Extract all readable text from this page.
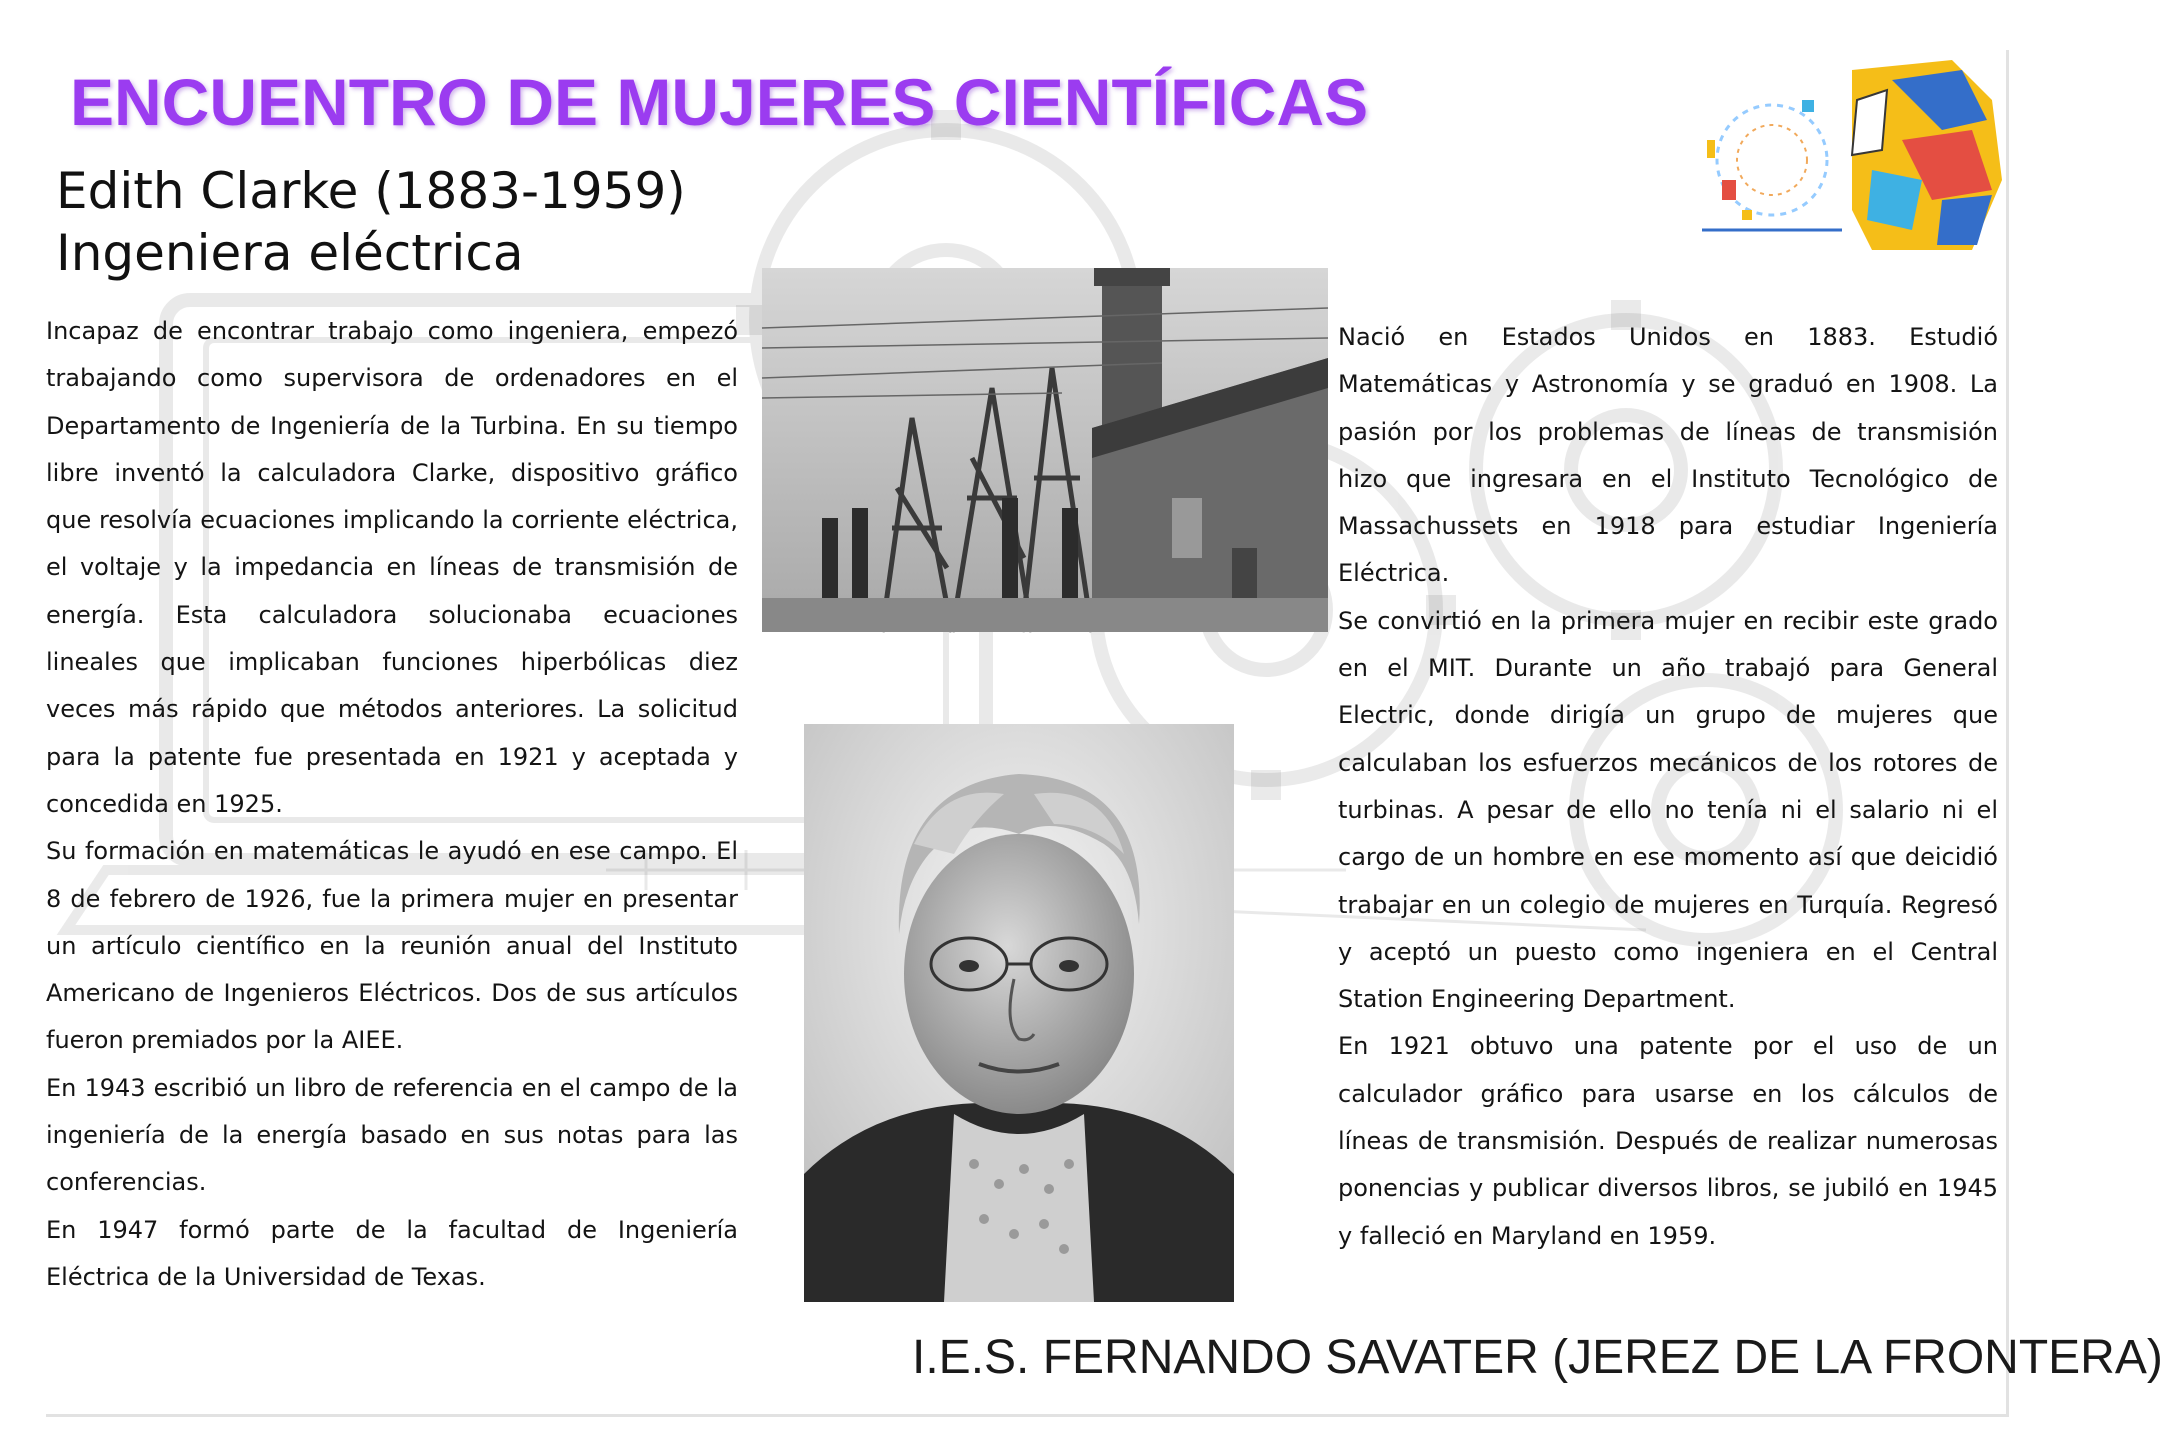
ENCUENTRO DE MUJERES CIENTÍFICAS
Edith Clarke (1883-1959)
Ingeniera eléctrica

Incapaz de encontrar trabajo como ingeniera, empezó trabajando como supervisora de ordenadores en el Departamento de Ingeniería de la Turbina. En su tiempo libre inventó la calculadora Clarke, dispositivo gráfico que resolvía ecuaciones implicando la corriente eléctrica, el voltaje y la impedancia en líneas de transmisión de energía. Esta calculadora solucionaba ecuaciones lineales que implicaban funciones hiperbólicas diez veces más rápido que métodos anteriores. La solicitud para la patente fue presentada en 1921 y aceptada y concedida en 1925.

Su formación en matemáticas le ayudó en ese campo. El 8 de febrero de 1926, fue la primera mujer en presentar un artículo científico en la reunión anual del Instituto Americano de Ingenieros Eléctricos. Dos de sus artículos fueron premiados por la AIEE.

En 1943 escribió un libro de referencia en el campo de la ingeniería de la energía basado en sus notas para las conferencias.

En 1947 formó parte de la facultad de Ingeniería Eléctrica de la Universidad de Texas.

Nació en Estados Unidos en 1883. Estudió Matemáticas y Astronomía y se graduó en 1908. La pasión por los problemas de líneas de transmisión hizo que ingresara en el Instituto Tecnológico de Massachussets en 1918 para estudiar Ingeniería Eléctrica.

Se convirtió en la primera mujer en recibir este grado en el MIT. Durante un año trabajó para General Electric, donde dirigía un grupo de mujeres que calculaban los esfuerzos mecánicos de los rotores de turbinas. A pesar de ello no tenía ni el salario ni el cargo de un hombre en ese momento así que deicidió trabajar en un colegio de mujeres en Turquía. Regresó y aceptó un puesto como ingeniera en el Central Station Engineering Department.

En 1921 obtuvo una patente por el uso de un calculador gráfico para usarse en los cálculos de líneas de transmisión. Después de realizar numerosas ponencias y publicar diversos libros, se jubiló en 1945 y falleció en Maryland en 1959.

I.E.S. FERNANDO SAVATER (JEREZ DE LA FRONTERA)
